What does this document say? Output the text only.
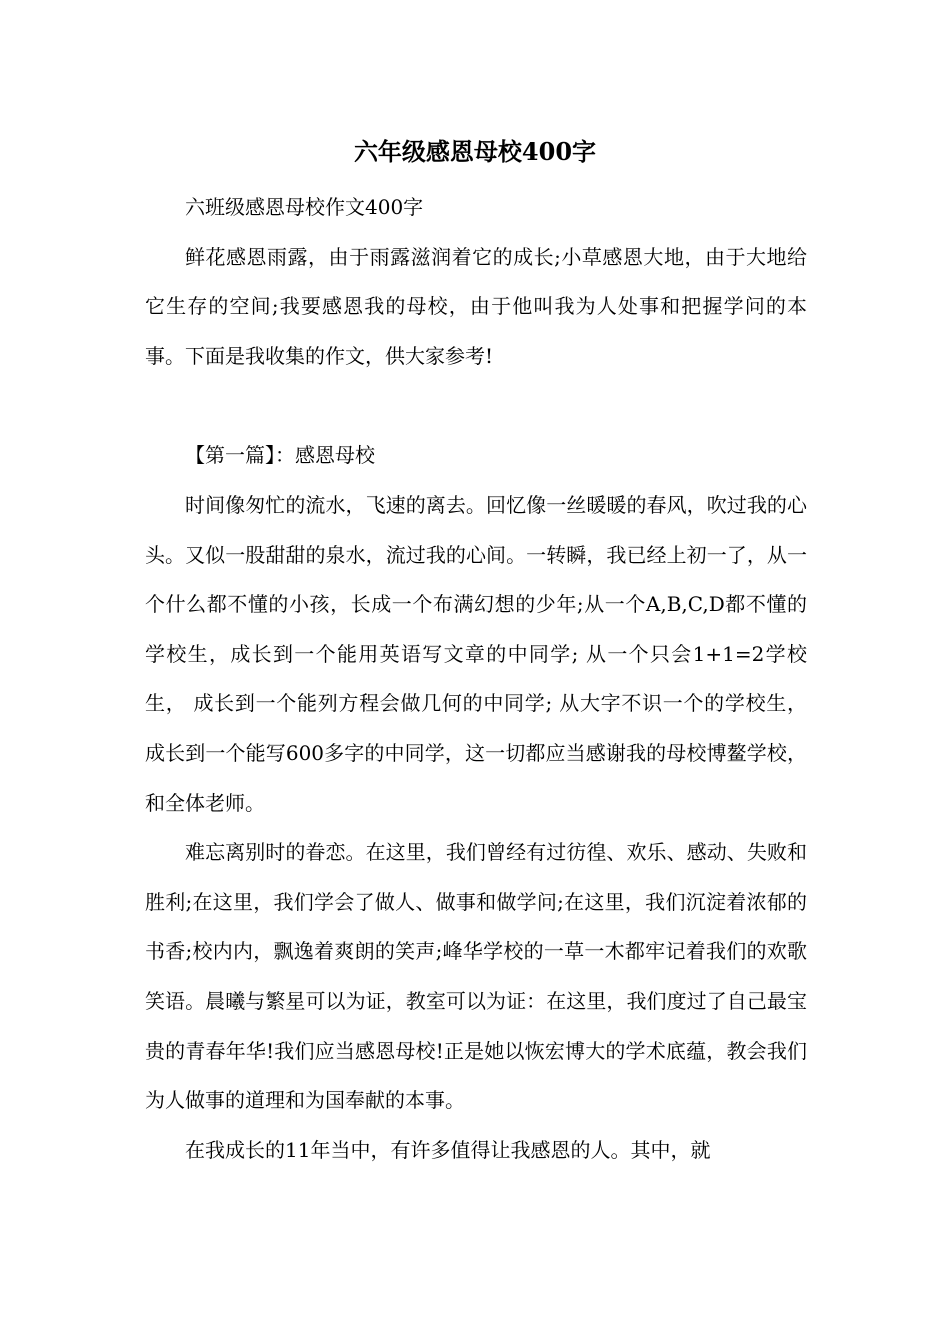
六年级感恩母校400字

六班级感恩母校作文400字

鲜花感恩雨露，由于雨露滋润着它的成长;小草感恩大地，由于大地给它生存的空间;我要感恩我的母校，由于他叫我为人处事和把握学问的本事。下面是我收集的作文，供大家参考!

【第一篇】：感恩母校

时间像匆忙的流水，飞速的离去。回忆像一丝暖暖的春风，吹过我的心头。又似一股甜甜的泉水，流过我的心间。一转瞬，我已经上初一了，从一个什么都不懂的小孩，长成一个布满幻想的少年;从一个A,B,C,D都不懂的学校生，成长到一个能用英语写文章的中同学; 从一个只会1+1=2学校生， 成长到一个能列方程会做几何的中同学; 从大字不识一个的学校生， 成长到一个能写600多字的中同学，这一切都应当感谢我的母校博鳌学校，和全体老师。

难忘离别时的眷恋。在这里，我们曾经有过彷徨、欢乐、感动、失败和胜利;在这里，我们学会了做人、做事和做学问;在这里，我们沉淀着浓郁的书香;校内内，飘逸着爽朗的笑声;峰华学校的一草一木都牢记着我们的欢歌笑语。晨曦与繁星可以为证，教室可以为证：在这里，我们度过了自己最宝贵的青春年华!我们应当感恩母校!正是她以恢宏博大的学术底蕴，教会我们为人做事的道理和为国奉献的本事。

在我成长的11年当中，有许多值得让我感恩的人。其中，就
